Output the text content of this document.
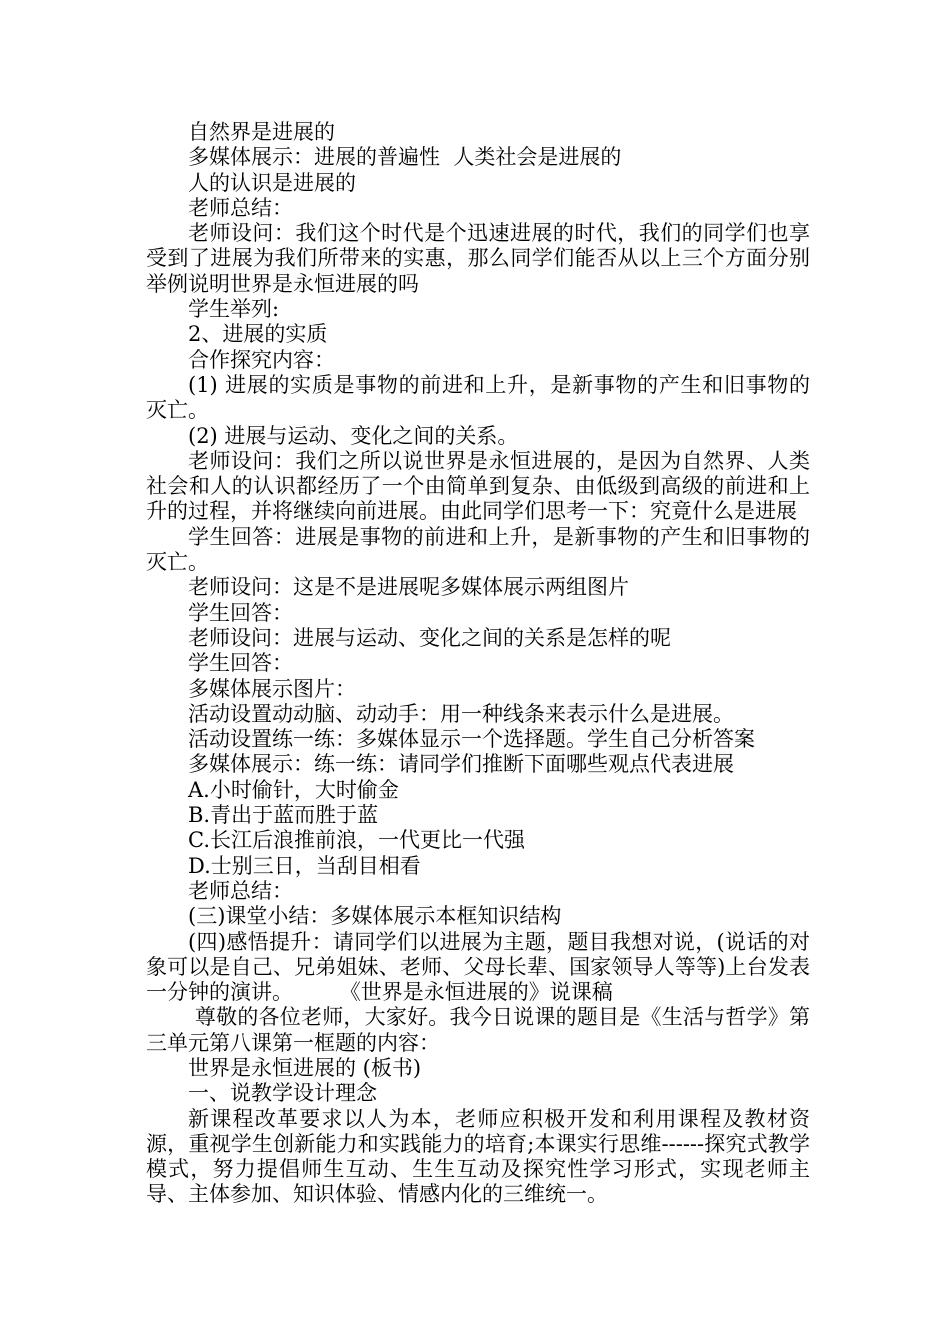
自然界是进展的

多媒体展示：进展的普遍性  人类社会是进展的

人的认识是进展的

老师总结：

老师设问：我们这个时代是个迅速进展的时代，我们的同学们也享受到了进展为我们所带来的实惠，那么同学们能否从以上三个方面分别举例说明世界是永恒进展的吗

学生举列:

2、进展的实质

合作探究内容：

(1) 进展的实质是事物的前进和上升，是新事物的产生和旧事物的灭亡。

(2) 进展与运动、变化之间的关系。

老师设问：我们之所以说世界是永恒进展的，是因为自然界、人类社会和人的认识都经历了一个由简单到复杂、由低级到高级的前进和上升的过程，并将继续向前进展。由此同学们思考一下：究竟什么是进展

学生回答：进展是事物的前进和上升，是新事物的产生和旧事物的灭亡。

老师设问：这是不是进展呢多媒体展示两组图片

学生回答：

老师设问：进展与运动、变化之间的关系是怎样的呢

学生回答：

多媒体展示图片：

活动设置动动脑、动动手：用一种线条来表示什么是进展。

活动设置练一练：多媒体显示一个选择题。学生自己分析答案

多媒体展示：练一练：请同学们推断下面哪些观点代表进展

A.小时偷针，大时偷金

B.青出于蓝而胜于蓝

C.长江后浪推前浪，一代更比一代强

D.士别三日，当刮目相看

老师总结：

(三)课堂小结：多媒体展示本框知识结构

(四)感悟提升：请同学们以进展为主题，题目我想对说，(说话的对象可以是自己、兄弟姐妹、老师、父母长辈、国家领导人等等)上台发表一分钟的演讲。       《世界是永恒进展的》说课稿

尊敬的各位老师，大家好。我今日说课的题目是《生活与哲学》第三单元第八课第一框题的内容：

世界是永恒进展的 (板书)

一、说教学设计理念

新课程改革要求以人为本，老师应积极开发和利用课程及教材资源，重视学生创新能力和实践能力的培育;本课实行思维------探究式教学模式，努力提倡师生互动、生生互动及探究性学习形式，实现老师主导、主体参加、知识体验、情感内化的三维统一。
